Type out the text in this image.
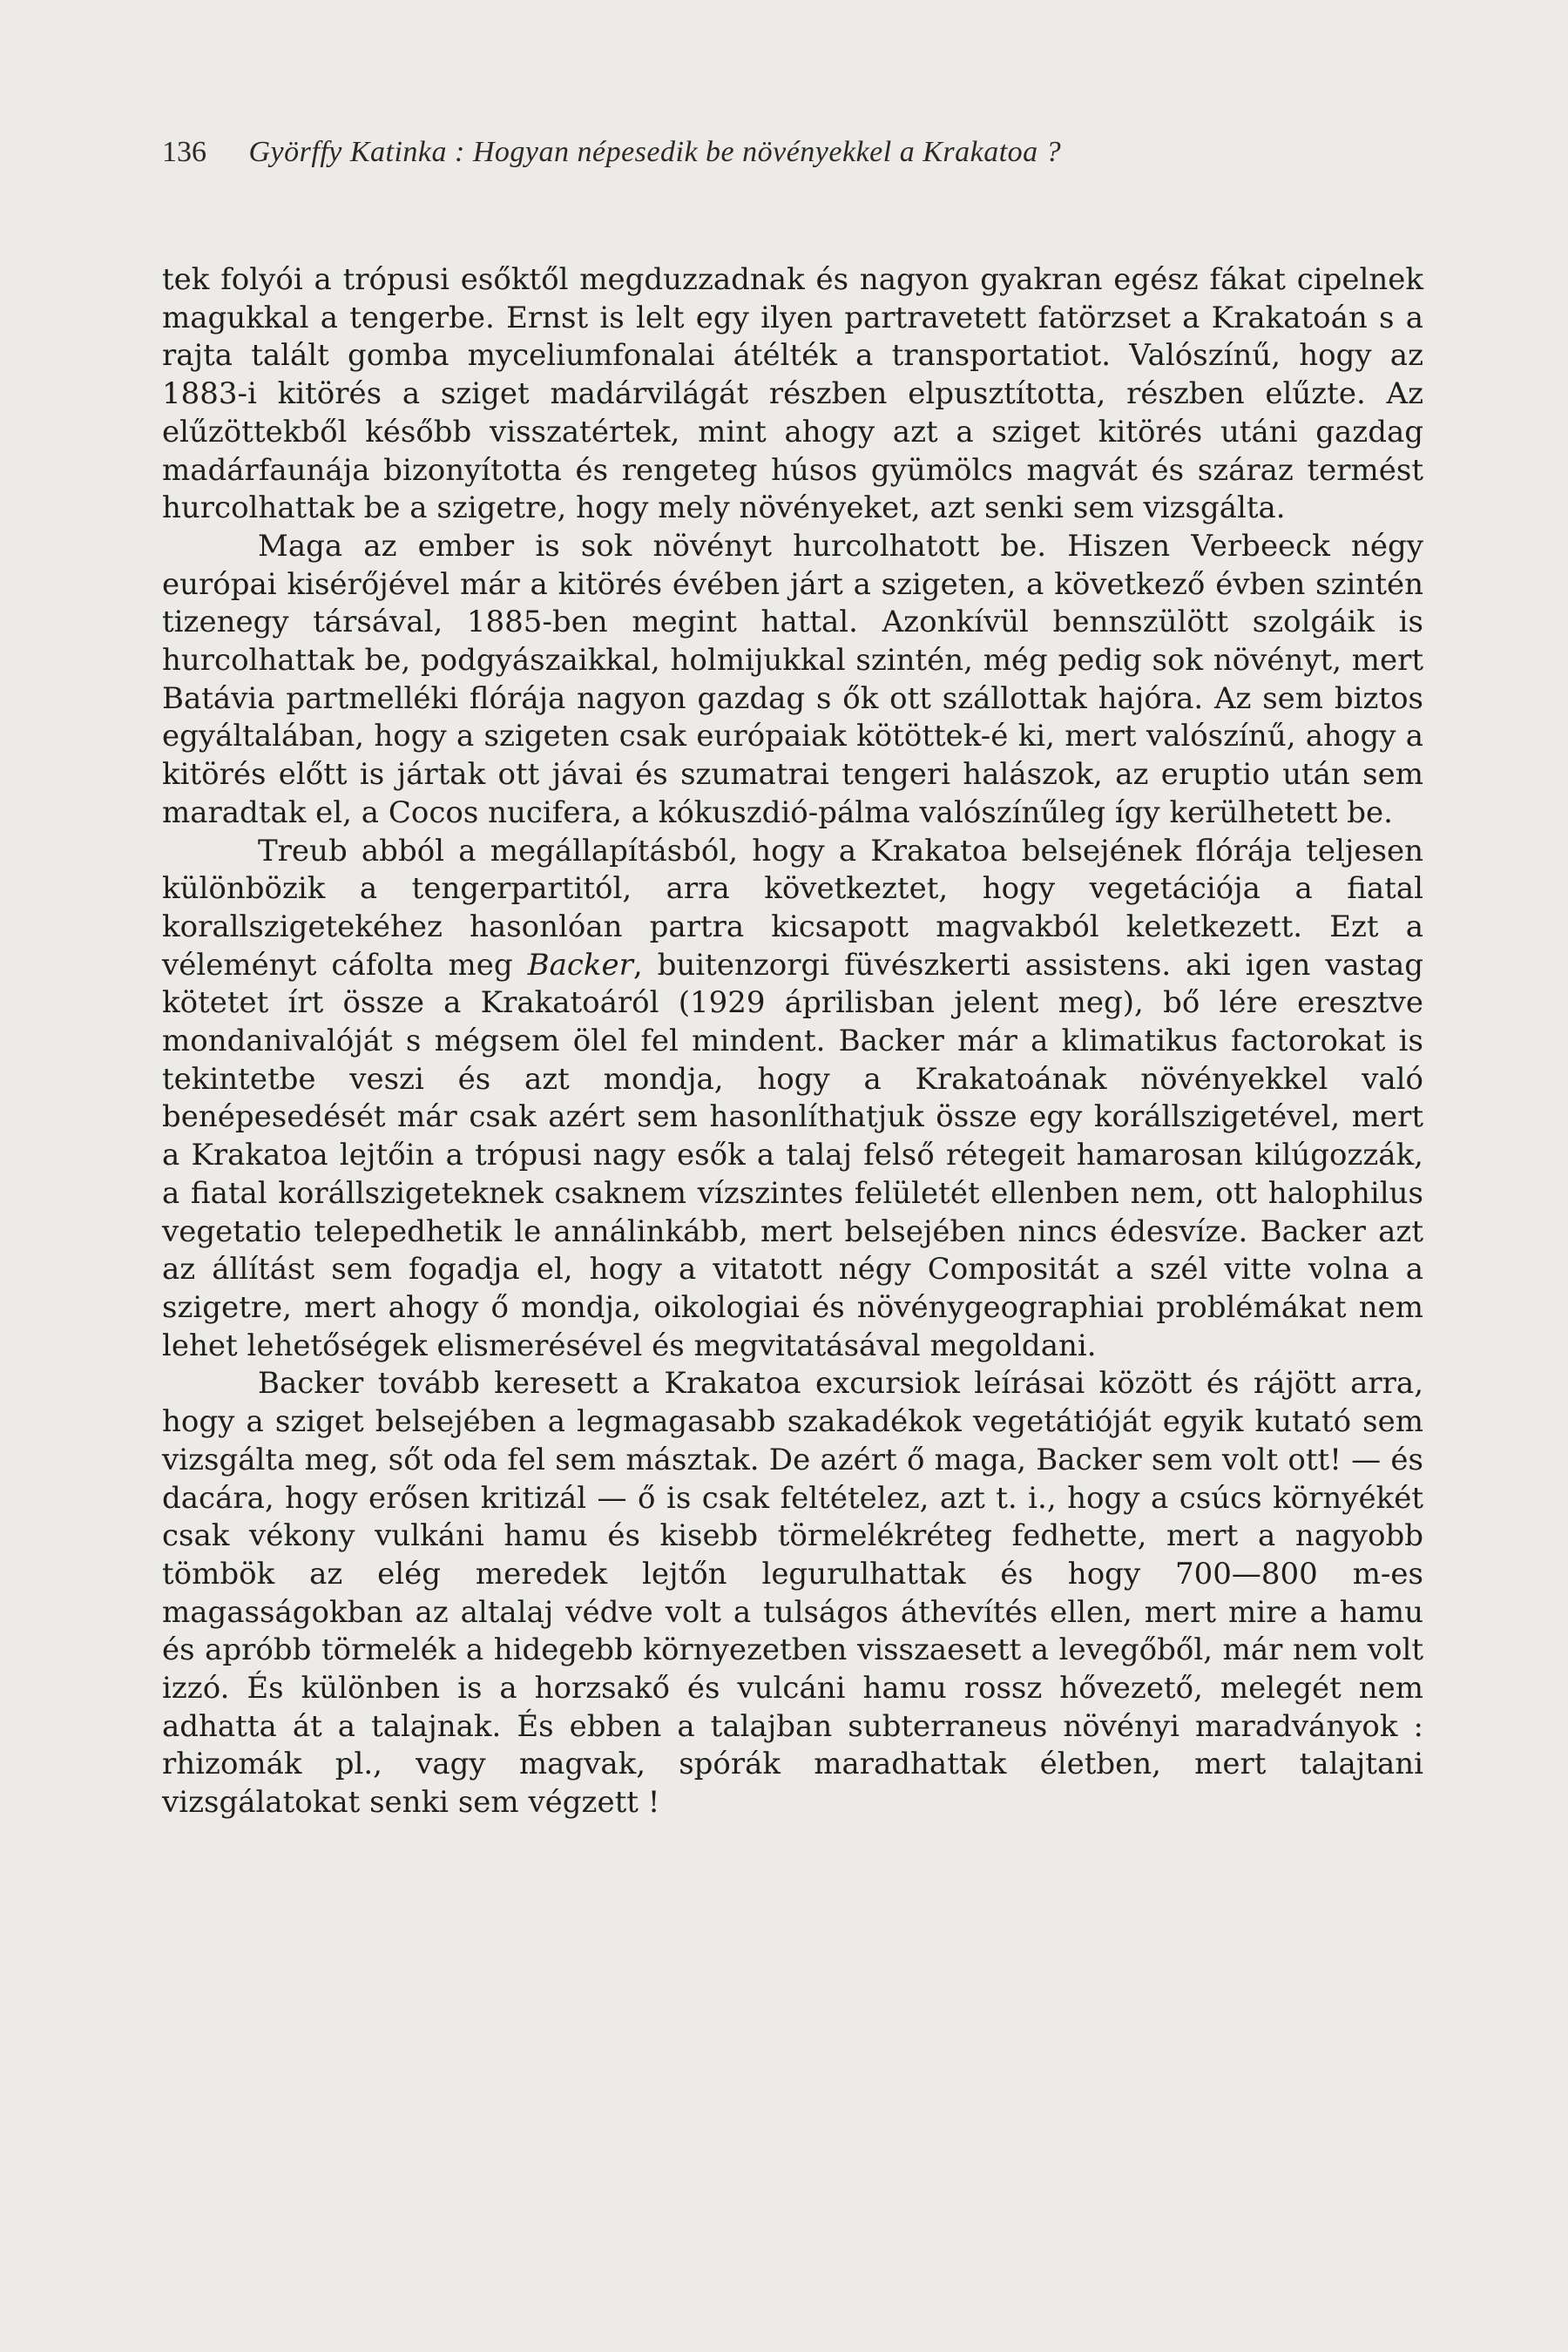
136 Györffy Katinka : Hogyan népesedik be növényekkel a Krakatoa ?

tek folyói a trópusi esőktől megduzzadnak és nagyon gyakran egész fákat cipelnek magukkal a tengerbe. Ernst is lelt egy ilyen partravetett fatörzset a Krakatoán s a rajta talált gomba myceliumfonalai átélték a transportatiot. Valószínű, hogy az 1883-i kitörés a sziget madárvilágát részben elpusztította, részben elűzte. Az elűzöttekből később visszatértek, mint ahogy azt a sziget kitörés utáni gazdag madárfaunája bizonyította és rengeteg húsos gyümölcs magvát és száraz termést hurcolhattak be a szigetre, hogy mely növényeket, azt senki sem vizsgálta.

Maga az ember is sok növényt hurcolhatott be. Hiszen Verbeeck négy európai kisérőjével már a kitörés évében járt a szigeten, a következő évben szintén tizenegy társával, 1885-ben megint hattal. Azonkívül bennszülött szolgáik is hurcolhattak be, podgyászaikkal, holmijukkal szintén, még pedig sok növényt, mert Batávia partmelléki flórája nagyon gazdag s ők ott szállottak hajóra. Az sem biztos egyáltalában, hogy a szigeten csak európaiak kötöttek-é ki, mert valószínű, ahogy a kitörés előtt is jártak ott jávai és szumatrai tengeri halászok, az eruptio után sem maradtak el, a Cocos nucifera, a kókuszdió-pálma valószínűleg így kerülhetett be.

Treub abból a megállapításból, hogy a Krakatoa belsejének flórája teljesen különbözik a tengerpartitól, arra következtet, hogy vegetációja a fiatal korallszigetekéhez hasonlóan partra kicsapott magvakból keletkezett. Ezt a véleményt cáfolta meg Backer, buitenzorgi füvészkerti assistens. aki igen vastag kötetet írt össze a Krakatoáról (1929 áprilisban jelent meg), bő lére eresztve mondanivalóját s mégsem ölel fel mindent. Backer már a klimatikus factorokat is tekintetbe veszi és azt mondja, hogy a Krakatoának növényekkel való benépesedését már csak azért sem hasonlíthatjuk össze egy korállszigetével, mert a Krakatoa lejtőin a trópusi nagy esők a talaj felső rétegeit hamarosan kilúgozzák, a fiatal korállszigeteknek csaknem vízszintes felületét ellenben nem, ott halophilus vegetatio telepedhetik le annálinkább, mert belsejében nincs édesvíze. Backer azt az állítást sem fogadja el, hogy a vitatott négy Compositát a szél vitte volna a szigetre, mert ahogy ő mondja, oikologiai és növénygeographiai problémákat nem lehet lehetőségek elismerésével és megvitatásával megoldani.

Backer tovább keresett a Krakatoa excursiok leírásai között és rájött arra, hogy a sziget belsejében a legmagasabb szakadékok vegetátióját egyik kutató sem vizsgálta meg, sőt oda fel sem másztak. De azért ő maga, Backer sem volt ott! — és dacára, hogy erősen kritizál — ő is csak feltételez, azt t. i., hogy a csúcs környékét csak vékony vulkáni hamu és kisebb törmelékréteg fedhette, mert a nagyobb tömbök az elég meredek lejtőn legurulhattak és hogy 700—800 m-es magasságokban az altalaj védve volt a tulságos áthevítés ellen, mert mire a hamu és apróbb törmelék a hidegebb környezetben visszaesett a levegőből, már nem volt izzó. És különben is a horzsakő és vulcáni hamu rossz hővezető, melegét nem adhatta át a talajnak. És ebben a talajban subterraneus növényi maradványok : rhizomák pl., vagy magvak, spórák maradhattak életben, mert talajtani vizsgálatokat senki sem végzett !
